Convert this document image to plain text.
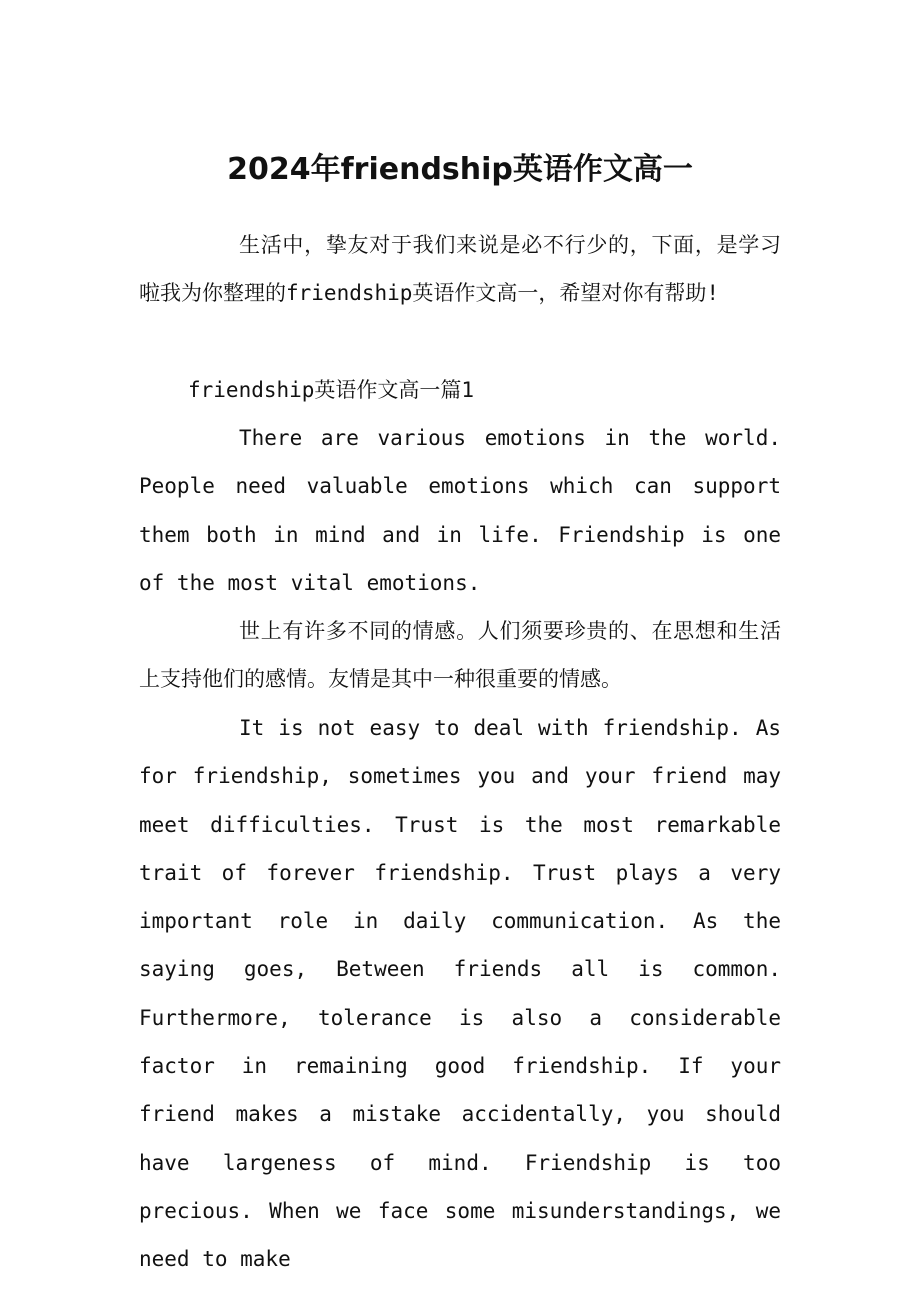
2024年friendship英语作文高一

生活中，挚友对于我们来说是必不行少的，下面，是学习啦我为你整理的friendship英语作文高一，希望对你有帮助!

friendship英语作文高一篇1

There are various emotions in the world. People need valuable emotions which can support them both in mind and in life. Friendship is one of the most vital emotions.

世上有许多不同的情感。人们须要珍贵的、在思想和生活上支持他们的感情。友情是其中一种很重要的情感。

It is not easy to deal with friendship. As for friendship, sometimes you and your friend may meet difficulties. Trust is the most remarkable trait of forever friendship. Trust plays a very important role in daily communication. As the saying goes, Between friends all is common. Furthermore, tolerance is also a considerable factor in remaining good friendship. If your friend makes a mistake accidentally, you should have largeness of mind. Friendship is too precious. When we face some misunderstandings, we need to make
